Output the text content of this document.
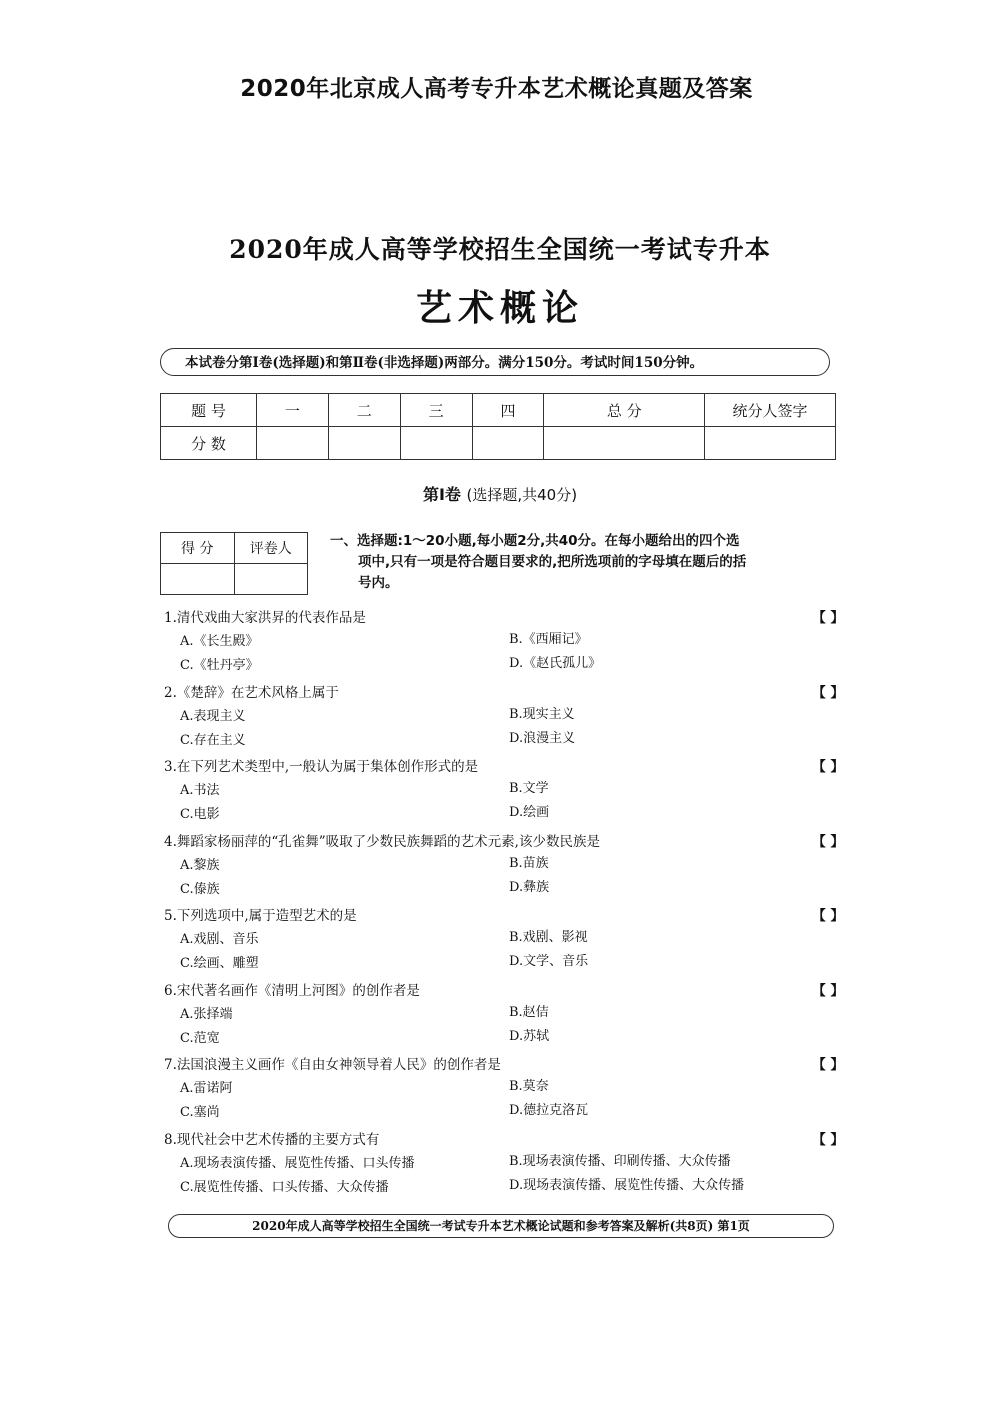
2020年北京成人高考专升本艺术概论真题及答案
2020年成人高等学校招生全国统一考试专升本
艺术概论
本试卷分第Ⅰ卷(选择题)和第Ⅱ卷(非选择题)两部分。满分150分。考试时间150分钟。
题 号	一	二	三	四	总 分	统分人签字
分 数						
第Ⅰ卷 (选择题,共40分)
得 分	评卷人
		一、选择题:1～20小题,每小题2分,共40分。在每小题给出的四个选
项中,只有一项是符合题目要求的,把所选项前的字母填在题后的括
号内。
1.清代戏曲大家洪昇的代表作品是	【 】
A.《长生殿》	B.《西厢记》
C.《牡丹亭》	D.《赵氏孤儿》
2.《楚辞》在艺术风格上属于	【 】
A.表现主义	B.现实主义
C.存在主义	D.浪漫主义
3.在下列艺术类型中,一般认为属于集体创作形式的是	【 】
A.书法	B.文学
C.电影	D.绘画
4.舞蹈家杨丽萍的“孔雀舞”吸取了少数民族舞蹈的艺术元素,该少数民族是	【 】
A.黎族	B.苗族
C.傣族	D.彝族
5.下列选项中,属于造型艺术的是	【 】
A.戏剧、音乐	B.戏剧、影视
C.绘画、雕塑	D.文学、音乐
6.宋代著名画作《清明上河图》的创作者是	【 】
A.张择端	B.赵佶
C.范宽	D.苏轼
7.法国浪漫主义画作《自由女神领导着人民》的创作者是	【 】
A.雷诺阿	B.莫奈
C.塞尚	D.德拉克洛瓦
8.现代社会中艺术传播的主要方式有	【 】
A.现场表演传播、展览性传播、口头传播	B.现场表演传播、印刷传播、大众传播
C.展览性传播、口头传播、大众传播	D.现场表演传播、展览性传播、大众传播
2020年成人高等学校招生全国统一考试专升本艺术概论试题和参考答案及解析(共8页) 第1页
